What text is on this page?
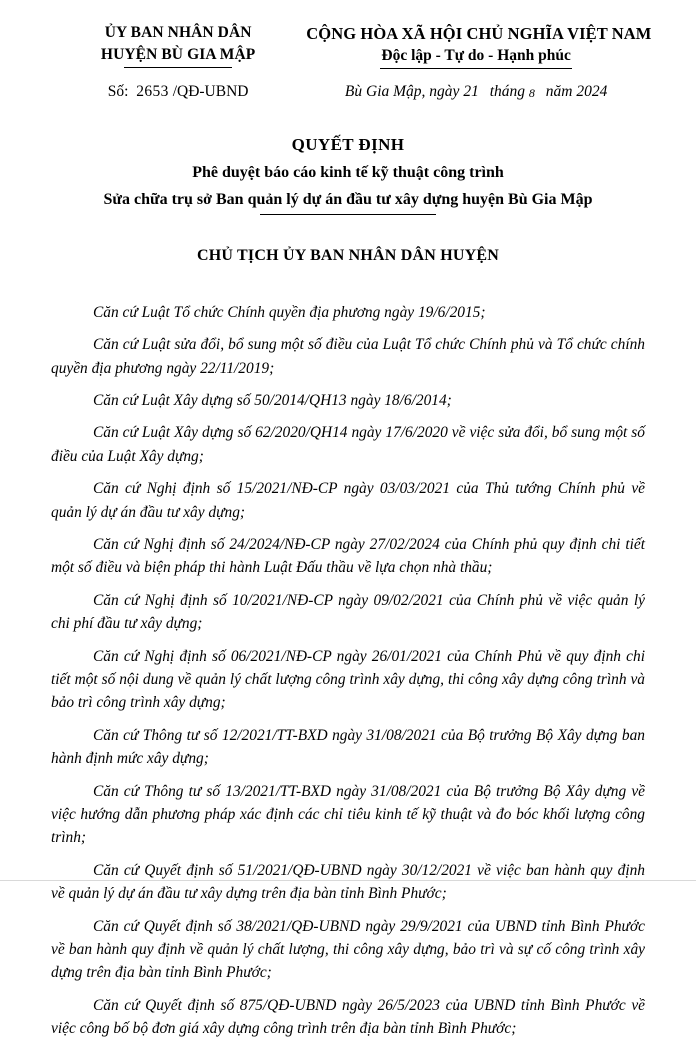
ỦY BAN NHÂN DÂN
HUYỆN BÙ GIA MẬP
Số: 2653 /QĐ-UBND
CỘNG HÒA XÃ HỘI CHỦ NGHĨA VIỆT NAM
Độc lập - Tự do - Hạnh phúc
Bù Gia Mập, ngày 21 tháng 8 năm 2024
QUYẾT ĐỊNH
Phê duyệt báo cáo kinh tế kỹ thuật công trình
Sửa chữa trụ sở Ban quản lý dự án đầu tư xây dựng huyện Bù Gia Mập
CHỦ TỊCH ỦY BAN NHÂN DÂN HUYỆN

Căn cứ Luật Tổ chức Chính quyền địa phương ngày 19/6/2015;

Căn cứ Luật sửa đổi, bổ sung một số điều của Luật Tổ chức Chính phủ và Tổ chức chính quyền địa phương ngày 22/11/2019;

Căn cứ Luật Xây dựng số 50/2014/QH13 ngày 18/6/2014;

Căn cứ Luật Xây dựng số 62/2020/QH14 ngày 17/6/2020 về việc sửa đổi, bổ sung một số điều của Luật Xây dựng;

Căn cứ Nghị định số 15/2021/NĐ-CP ngày 03/03/2021 của Thủ tướng Chính phủ về quản lý dự án đầu tư xây dựng;

Căn cứ Nghị định số 24/2024/NĐ-CP ngày 27/02/2024 của Chính phủ quy định chi tiết một số điều và biện pháp thi hành Luật Đấu thầu về lựa chọn nhà thầu;

Căn cứ Nghị định số 10/2021/NĐ-CP ngày 09/02/2021 của Chính phủ về việc quản lý chi phí đầu tư xây dựng;

Căn cứ Nghị định số 06/2021/NĐ-CP ngày 26/01/2021 của Chính Phủ về quy định chi tiết một số nội dung về quản lý chất lượng công trình xây dựng, thi công xây dựng công trình và bảo trì công trình xây dựng;

Căn cứ Thông tư số 12/2021/TT-BXD ngày 31/08/2021 của Bộ trưởng Bộ Xây dựng ban hành định mức xây dựng;

Căn cứ Thông tư số 13/2021/TT-BXD ngày 31/08/2021 của Bộ trưởng Bộ Xây dựng về việc hướng dẫn phương pháp xác định các chỉ tiêu kinh tế kỹ thuật và đo bóc khối lượng công trình;

Căn cứ Quyết định số 51/2021/QĐ-UBND ngày 30/12/2021 về việc ban hành quy định về quản lý dự án đầu tư xây dựng trên địa bàn tỉnh Bình Phước;

Căn cứ Quyết định số 38/2021/QĐ-UBND ngày 29/9/2021 của UBND tỉnh Bình Phước về ban hành quy định về quản lý chất lượng, thi công xây dựng, bảo trì và sự cố công trình xây dựng trên địa bàn tỉnh Bình Phước;

Căn cứ Quyết định số 875/QĐ-UBND ngày 26/5/2023 của UBND tỉnh Bình Phước về việc công bố bộ đơn giá xây dựng công trình trên địa bàn tỉnh Bình Phước;
